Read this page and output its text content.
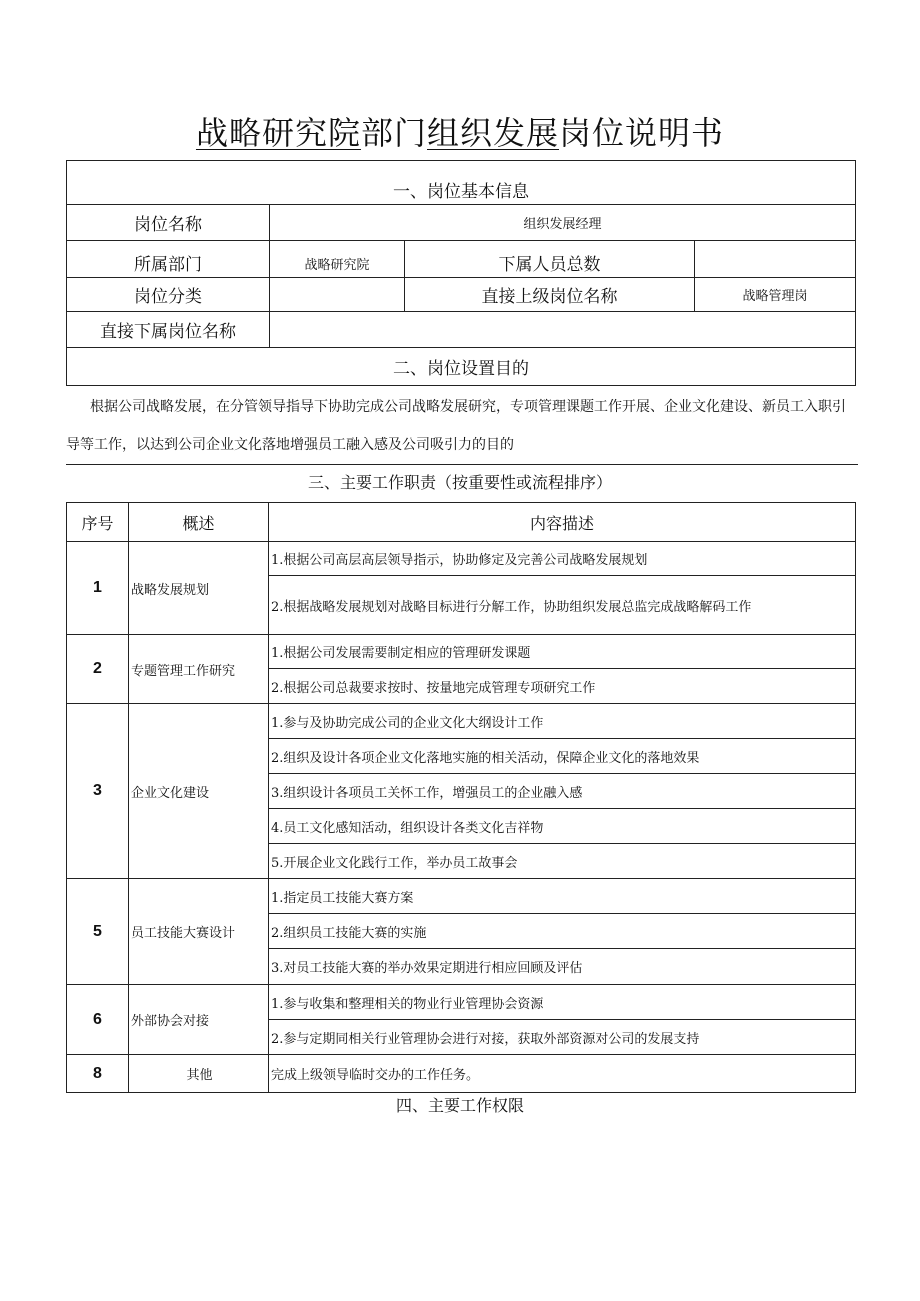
战略研究院部门组织发展岗位说明书
一、岗位基本信息			
岗位名称	组织发展经理		
所属部门	战略研究院	下属人员总数	
岗位分类		直接上级岗位名称	战略管理岗
直接下属岗位名称			
二、岗位设置目的			

根据公司战略发展，在分管领导指导下协助完成公司战略发展研究，专项管理课题工作开展、企业文化建设、新员工入职引导等工作，以达到公司企业文化落地增强员工融入感及公司吸引力的目的

三、主要工作职责（按重要性或流程排序）
序号	概述	内容描述
1	战略发展规划	1.根据公司高层高层领导指示，协助修定及完善公司战略发展规划
		2.根据战略发展规划对战略目标进行分解工作，协助组织发展总监完成战略解码工作
2	专题管理工作研究	1.根据公司发展需要制定相应的管理研发课题
		2.根据公司总裁要求按时、按量地完成管理专项研究工作
3	企业文化建设	1.参与及协助完成公司的企业文化大纲设计工作
		2.组织及设计各项企业文化落地实施的相关活动，保障企业文化的落地效果
		3.组织设计各项员工关怀工作，增强员工的企业融入感
		4.员工文化感知活动，组织设计各类文化吉祥物
		5.开展企业文化践行工作，举办员工故事会
5	员工技能大赛设计	1.指定员工技能大赛方案
		2.组织员工技能大赛的实施
		3.对员工技能大赛的举办效果定期进行相应回顾及评估
6	外部协会对接	1.参与收集和整理相关的物业行业管理协会资源
		2.参与定期同相关行业管理协会进行对接，获取外部资源对公司的发展支持
8	其他	完成上级领导临时交办的工作任务。
四、主要工作权限
